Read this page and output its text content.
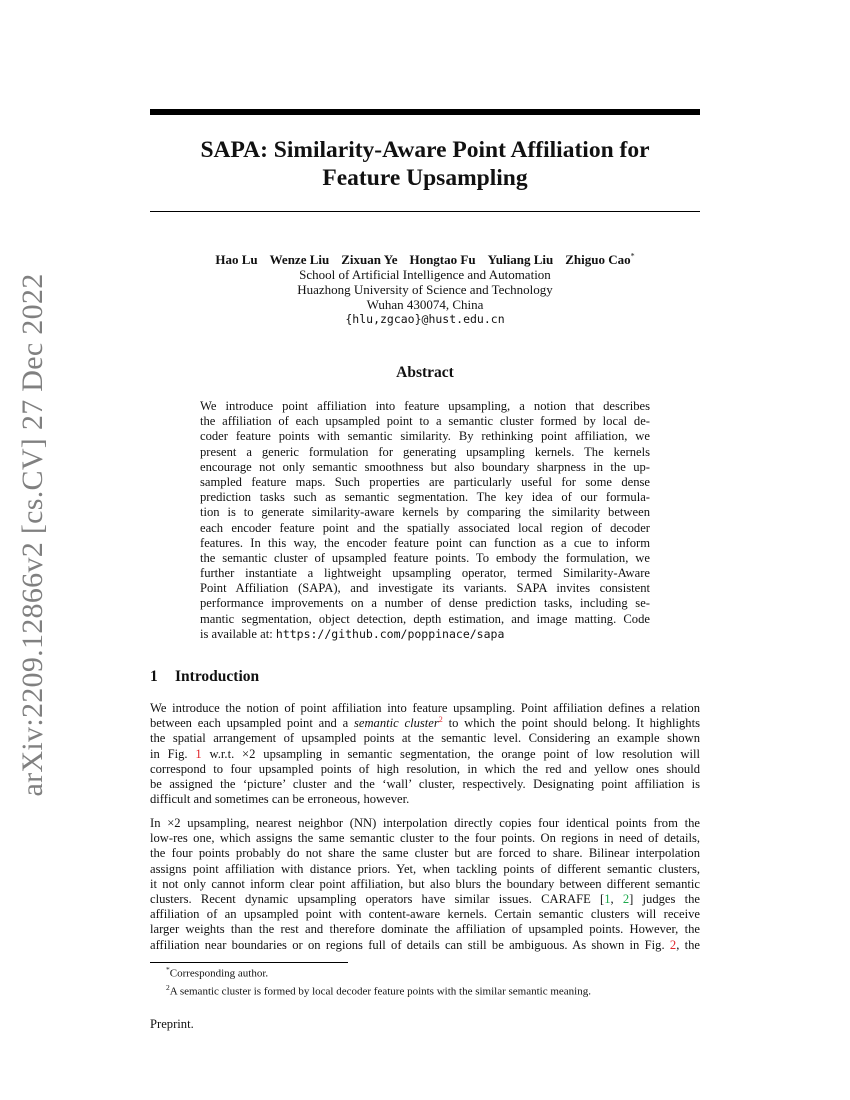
arXiv:2209.12866v2 [cs.CV] 27 Dec 2022
SAPA: Similarity-Aware Point Affiliation for
Feature Upsampling
Hao Lu Wenze Liu Zixuan Ye Hongtao Fu Yuliang Liu Zhiguo Cao*
School of Artificial Intelligence and Automation
Huazhong University of Science and Technology
Wuhan 430074, China
{hlu,zgcao}@hust.edu.cn
Abstract
We introduce point affiliation into feature upsampling, a notion that describes
the affiliation of each upsampled point to a semantic cluster formed by local de-
coder feature points with semantic similarity. By rethinking point affiliation, we
present a generic formulation for generating upsampling kernels. The kernels
encourage not only semantic smoothness but also boundary sharpness in the up-
sampled feature maps. Such properties are particularly useful for some dense
prediction tasks such as semantic segmentation. The key idea of our formula-
tion is to generate similarity-aware kernels by comparing the similarity between
each encoder feature point and the spatially associated local region of decoder
features. In this way, the encoder feature point can function as a cue to inform
the semantic cluster of upsampled feature points. To embody the formulation, we
further instantiate a lightweight upsampling operator, termed Similarity-Aware
Point Affiliation (SAPA), and investigate its variants. SAPA invites consistent
performance improvements on a number of dense prediction tasks, including se-
mantic segmentation, object detection, depth estimation, and image matting. Code
is available at: https://github.com/poppinace/sapa
1 Introduction
We introduce the notion of point affiliation into feature upsampling. Point affiliation defines a relation
between each upsampled point and a semantic cluster$^2$ to which the point should belong. It highlights
the spatial arrangement of upsampled points at the semantic level. Considering an example shown
in Fig. 1 w.r.t. ×2 upsampling in semantic segmentation, the orange point of low resolution will
correspond to four upsampled points of high resolution, in which the red and yellow ones should
be assigned the ‘picture’ cluster and the ‘wall’ cluster, respectively. Designating point affiliation is
difficult and sometimes can be erroneous, however.
In ×2 upsampling, nearest neighbor (NN) interpolation directly copies four identical points from the
low-res one, which assigns the same semantic cluster to the four points. On regions in need of details,
the four points probably do not share the same cluster but are forced to share. Bilinear interpolation
assigns point affiliation with distance priors. Yet, when tackling points of different semantic clusters,
it not only cannot inform clear point affiliation, but also blurs the boundary between different semantic
clusters. Recent dynamic upsampling operators have similar issues. CARAFE [1, 2] judges the
affiliation of an upsampled point with content-aware kernels. Certain semantic clusters will receive
larger weights than the rest and therefore dominate the affiliation of upsampled points. However, the
affiliation near boundaries or on regions full of details can still be ambiguous. As shown in Fig. 2, the
*Corresponding author.
$^2$A semantic cluster is formed by local decoder feature points with the similar semantic meaning.
Preprint.
